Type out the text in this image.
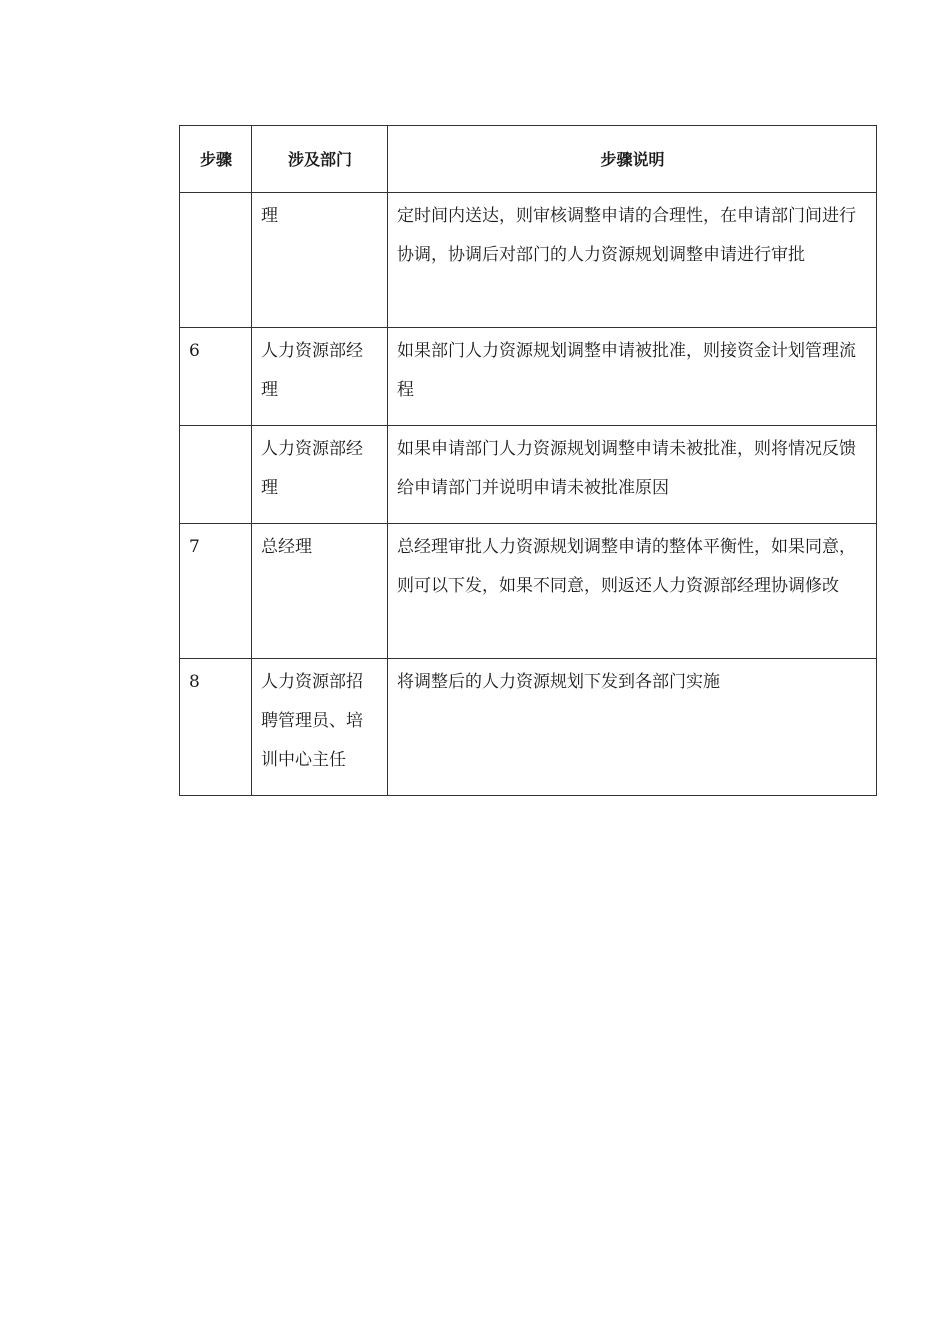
步骤	涉及部门	步骤说明
	理	定时间内送达，则审核调整申请的合理性，在申请部门间进行协调，协调后对部门的人力资源规划调整申请进行审批
6	人力资源部经理	如果部门人力资源规划调整申请被批准，则接资金计划管理流程
	人力资源部经理	如果申请部门人力资源规划调整申请未被批准，则将情况反馈给申请部门并说明申请未被批准原因
7	总经理	总经理审批人力资源规划调整申请的整体平衡性，如果同意，则可以下发，如果不同意，则返还人力资源部经理协调修改
8	人力资源部招聘管理员、培训中心主任	将调整后的人力资源规划下发到各部门实施
